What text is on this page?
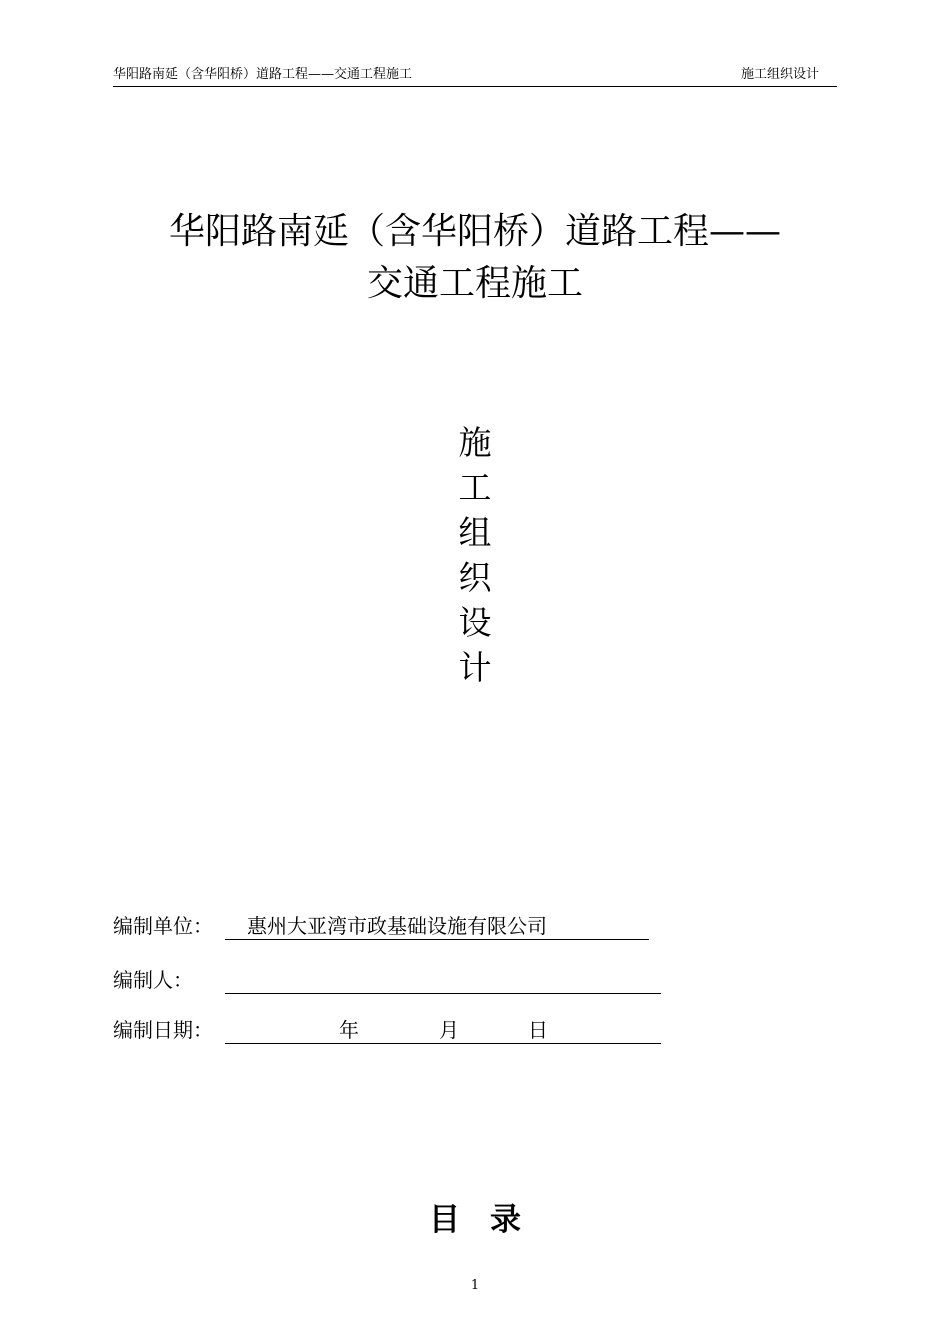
华阳路南延（含华阳桥）道路工程——交通工程施工	施工组织设计
华阳路南延（含华阳桥）道路工程——
交通工程施工
施
工
组
织
设
计
编制单位： 惠州大亚湾市政基础设施有限公司
编制人：
编制日期：	年	月	日
目录
1
